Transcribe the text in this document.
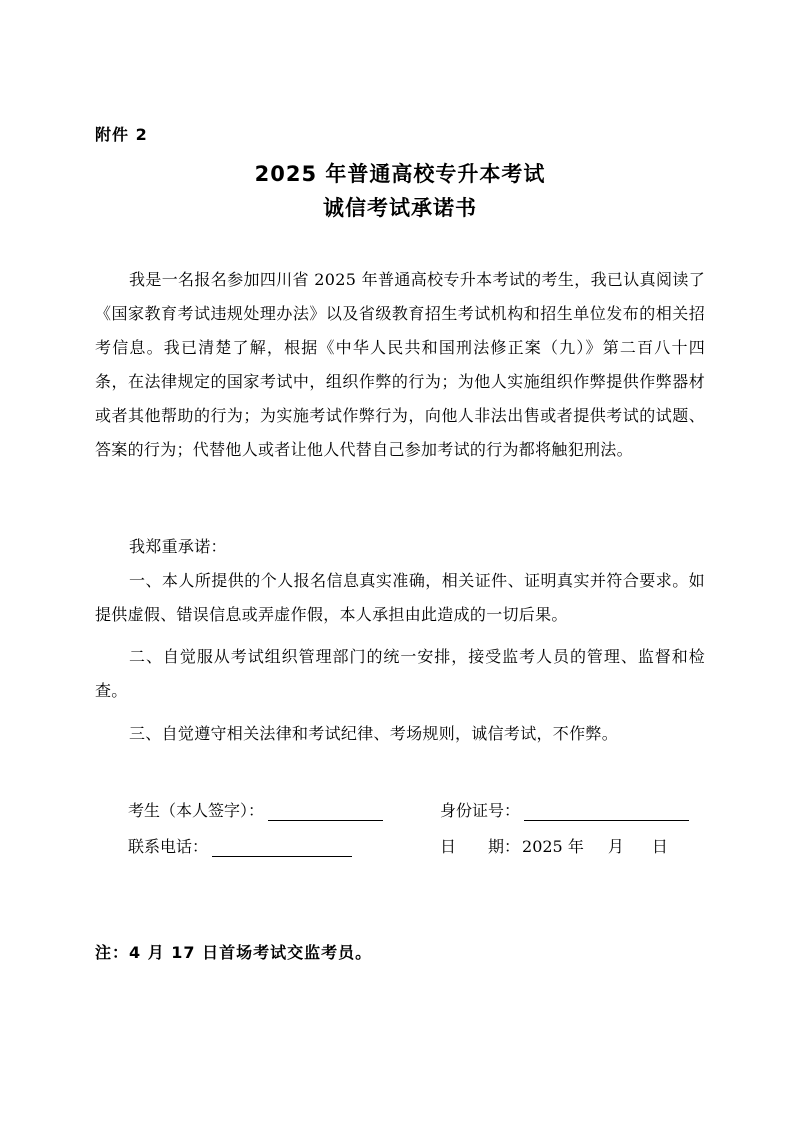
附件 2
2025 年普通高校专升本考试
诚信考试承诺书

我是一名报名参加四川省 2025 年普通高校专升本考试的考生，我已认真阅读了《国家教育考试违规处理办法》以及省级教育招生考试机构和招生单位发布的相关招考信息。我已清楚了解，根据《中华人民共和国刑法修正案（九）》第二百八十四条，在法律规定的国家考试中，组织作弊的行为；为他人实施组织作弊提供作弊器材或者其他帮助的行为；为实施考试作弊行为，向他人非法出售或者提供考试的试题、答案的行为；代替他人或者让他人代替自己参加考试的行为都将触犯刑法。

我郑重承诺：

一、本人所提供的个人报名信息真实准确，相关证件、证明真实并符合要求。如提供虚假、错误信息或弄虚作假，本人承担由此造成的一切后果。

二、自觉服从考试组织管理部门的统一安排，接受监考人员的管理、监督和检查。

三、自觉遵守相关法律和考试纪律、考场规则，诚信考试，不作弊。

考生（本人签字）：	身份证号：
联系电话：	日　　期： 2025 年 月 日
注：4 月 17 日首场考试交监考员。
